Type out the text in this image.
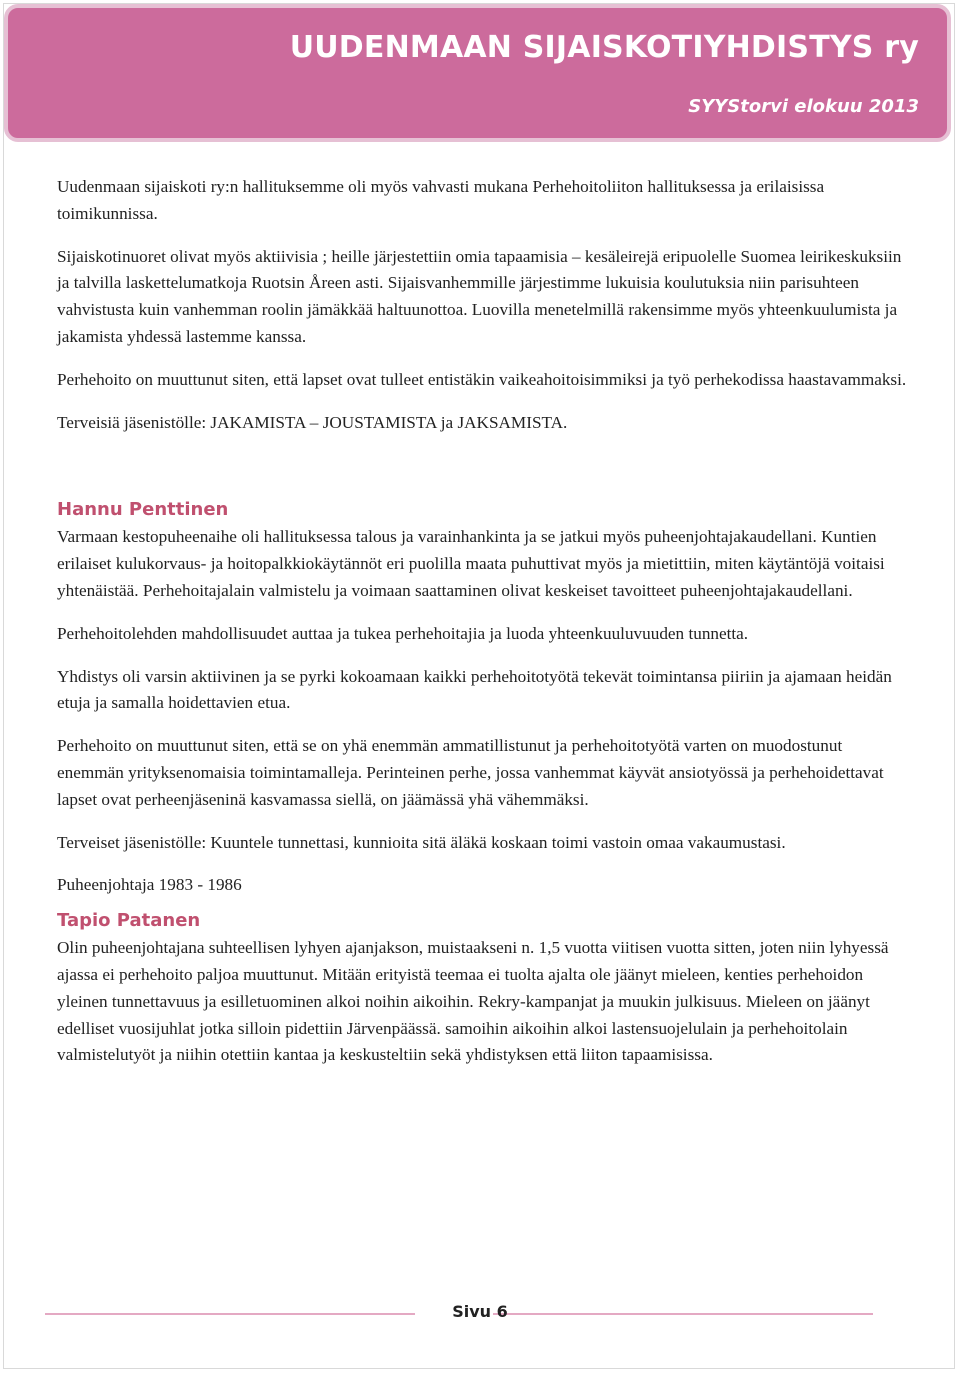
UUDENMAAN SIJAISKOTIYHDISTYS ry
SYYStorvi elokuu 2013

Uudenmaan sijaiskoti ry:n hallituksemme oli myös vahvasti mukana Perhehoitoliiton hallituksessa ja erilaisissa toimikunnissa.

Sijaiskotinuoret olivat myös aktiivisia ; heille järjestettiin omia tapaamisia – kesäleirejä eripuolelle Suomea leirikeskuksiin ja talvilla laskettelumatkoja Ruotsin Åreen asti. Sijaisvanhemmille järjestimme lukuisia koulutuksia niin parisuhteen vahvistusta kuin vanhemman roolin jämäkkää haltuunottoa. Luovilla menetelmillä rakensimme myös yhteenkuulumista ja jakamista yhdessä lastemme kanssa.

Perhehoito on muuttunut siten, että lapset ovat tulleet entistäkin vaikeahoitoisimmiksi ja työ perhekodissa haastavammaksi.

Terveisiä jäsenistölle: JAKAMISTA – JOUSTAMISTA ja JAKSAMISTA.

Hannu Penttinen

Varmaan kestopuheenaihe oli hallituksessa talous ja varainhankinta ja se jatkui myös puheenjohtajakaudellani. Kuntien erilaiset kulukorvaus- ja hoitopalkkiokäytännöt eri puolilla maata puhuttivat myös ja mietittiin, miten käytäntöjä voitaisi yhtenäistää. Perhehoitajalain valmistelu ja voimaan saattaminen olivat keskeiset tavoitteet puheenjohtajakaudellani.

Perhehoitolehden mahdollisuudet auttaa ja tukea perhehoitajia ja luoda yhteenkuuluvuuden tunnetta.

Yhdistys oli varsin aktiivinen ja se pyrki kokoamaan kaikki perhehoitotyötä tekevät toimintansa piiriin ja ajamaan heidän etuja ja samalla hoidettavien etua.

Perhehoito on muuttunut siten, että se on yhä enemmän ammatillistunut ja perhehoitotyötä varten on muodostunut enemmän yrityksenomaisia toimintamalleja. Perinteinen perhe, jossa vanhemmat käyvät ansiotyössä ja perhehoidettavat lapset ovat perheenjäseninä kasvamassa siellä, on jäämässä yhä vähemmäksi.

Terveiset jäsenistölle: Kuuntele tunnettasi, kunnioita sitä äläkä koskaan toimi vastoin omaa vakaumustasi.

Puheenjohtaja 1983 - 1986

Tapio Patanen

Olin puheenjohtajana suhteellisen lyhyen ajanjakson, muistaakseni n. 1,5 vuotta viitisen vuotta sitten, joten niin lyhyessä ajassa ei perhehoito paljoa muuttunut. Mitään erityistä teemaa ei tuolta ajalta ole jäänyt mieleen, kenties perhehoidon yleinen tunnettavuus ja esilletuominen alkoi noihin aikoihin. Rekry-kampanjat ja muukin julkisuus. Mieleen on jäänyt edelliset vuosijuhlat jotka silloin pidettiin Järvenpäässä. samoihin aikoihin alkoi lastensuojelulain ja perhehoitolain valmistelutyöt ja niihin otettiin kantaa ja keskusteltiin sekä yhdistyksen että liiton tapaamisissa.

Sivu 6
